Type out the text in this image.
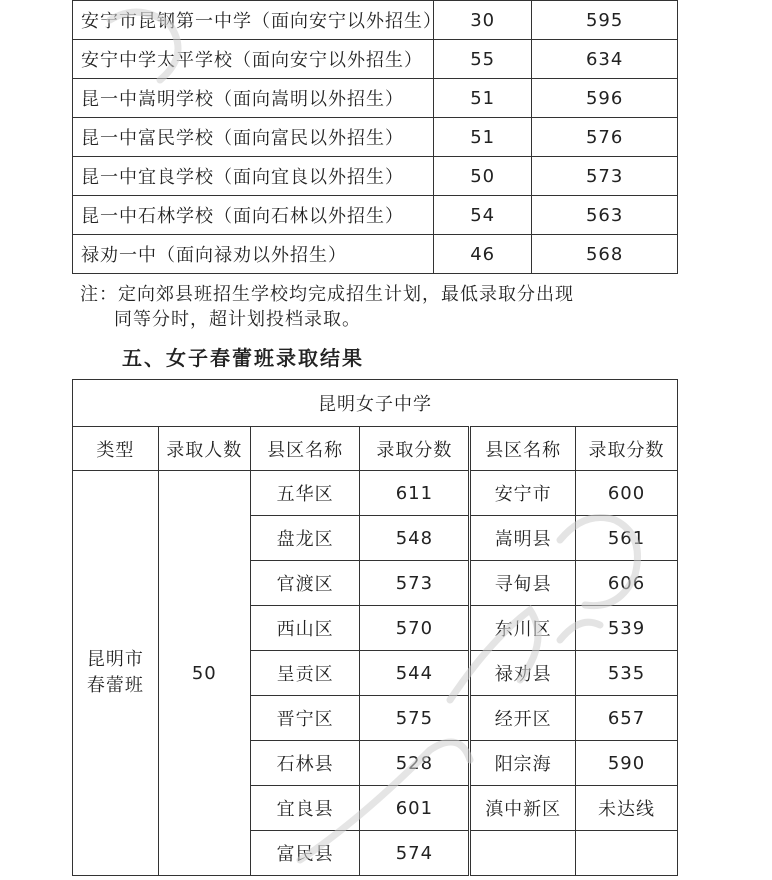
安宁市昆钢第一中学（面向安宁以外招生）	30	595
安宁中学太平学校（面向安宁以外招生）	55	634
昆一中嵩明学校（面向嵩明以外招生）	51	596
昆一中富民学校（面向富民以外招生）	51	576
昆一中宜良学校（面向宜良以外招生）	50	573
昆一中石林学校（面向石林以外招生）	54	563
禄劝一中（面向禄劝以外招生）	46	568
注：定向郊县班招生学校均完成招生计划，最低录取分出现
同等分时，超计划投档录取。
五、女子春蕾班录取结果
昆明女子中学					
类型	录取人数	县区名称	录取分数	县区名称	录取分数
昆明市
春蕾班	50	五华区	611	安宁市	600
		盘龙区	548	嵩明县	561
		官渡区	573	寻甸县	606
		西山区	570	东川区	539
		呈贡区	544	禄劝县	535
		晋宁区	575	经开区	657
		石林县	528	阳宗海	590
		宜良县	601	滇中新区	未达线
		富民县	574		
